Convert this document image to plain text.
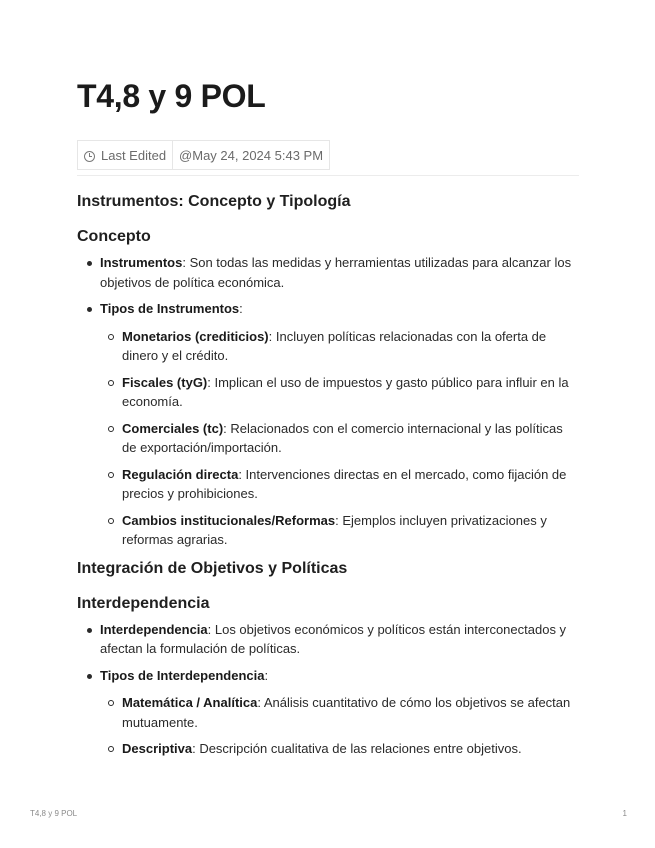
T4,8 y 9 POL
Last Edited @May 24, 2024 5:43 PM
Instrumentos: Concepto y Tipología
Concepto
Instrumentos: Son todas las medidas y herramientas utilizadas para alcanzar los objetivos de política económica.
Tipos de Instrumentos:
Monetarios (crediticios): Incluyen políticas relacionadas con la oferta de dinero y el crédito.
Fiscales (tyG): Implican el uso de impuestos y gasto público para influir en la economía.
Comerciales (tc): Relacionados con el comercio internacional y las políticas de exportación/importación.
Regulación directa: Intervenciones directas en el mercado, como fijación de precios y prohibiciones.
Cambios institucionales/Reformas: Ejemplos incluyen privatizaciones y reformas agrarias.
Integración de Objetivos y Políticas
Interdependencia
Interdependencia: Los objetivos económicos y políticos están interconectados y afectan la formulación de políticas.
Tipos de Interdependencia:
Matemática / Analítica: Análisis cuantitativo de cómo los objetivos se afectan mutuamente.
Descriptiva: Descripción cualitativa de las relaciones entre objetivos.
T4,8 y 9 POL	1
